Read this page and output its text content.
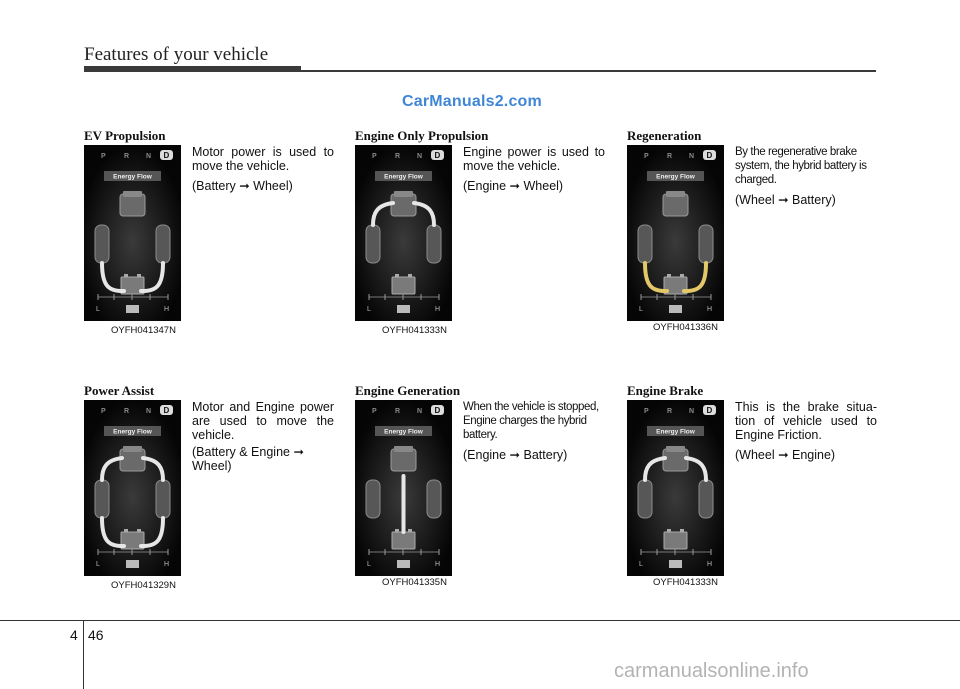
Features of your vehicle
CarManuals2.com
EV Propulsion
P	R N D
Energy Flow
L	H
OYFH041347N

Motor power is used to move the vehicle.

(Battery ➞ Wheel)

Engine Only Propulsion
P	R N D
Energy Flow
L	H
OYFH041333N

Engine power is used to move the vehicle.

(Engine ➞ Wheel)

Regeneration
P	R N D
Energy Flow
L	H
OYFH041336N

By the regenerative brake system, the hybrid battery is charged.

(Wheel ➞ Battery)

Power Assist
P	R N D
Energy Flow
L	H
OYFH041329N

Motor and Engine power are used to move the vehicle.

(Battery & Engine ➞ Wheel)

Engine Generation
P	R N D
Energy Flow
L	H
OYFH041335N

When the vehicle is stopped, Engine charges the hybrid battery.

(Engine ➞ Battery)

Engine Brake
P	R N D
Energy Flow
L	H
OYFH041333N

This is the brake situa-tion of vehicle used to Engine Friction.

(Wheel ➞ Engine)

4 46
carmanualsonline.info
